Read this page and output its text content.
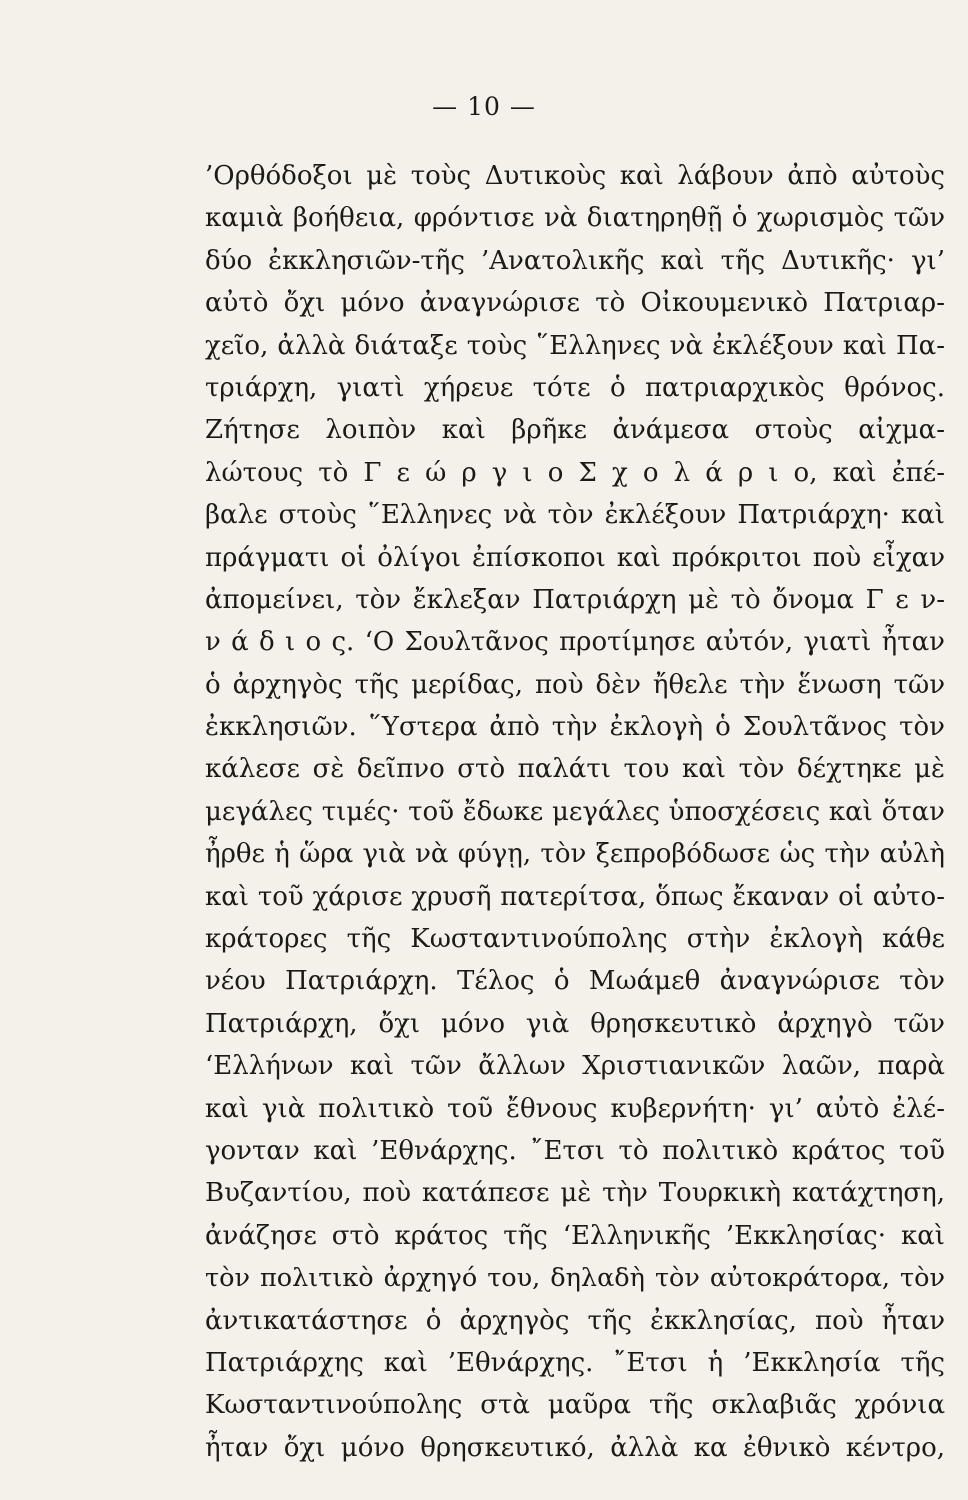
— 10 —
’Ορθόδοξοι μὲ τοὺς Δυτικοὺς καὶ λάβουν ἀπὸ αὐτοὺς
καμιὰ βοήθεια, φρόντισε νὰ διατηρηθῇ ὁ χωρισμὸς τῶν
δύο ἐκκλησιῶν-τῆς ’Ανατολικῆς καὶ τῆς Δυτικῆς· γι’
αὐτὸ ὄχι μόνο ἀναγνώρισε τὸ Οἰκουμενικὸ Πατριαρ-
χεῖο, ἀλλὰ διάταξε τοὺς ῞Ελληνες νὰ ἐκλέξουν καὶ Πα-
τριάρχη, γιατὶ χήρευε τότε ὁ πατριαρχικὸς θρόνος.
Ζήτησε λοιπὸν καὶ βρῆκε ἀνάμεσα στοὺς αἰχμα-
λώτους τὸ Γ ε ώ ρ γ ι ο Σ χ ο λ ά ρ ι ο, καὶ ἐπέ-
βαλε στοὺς ῞Ελληνες νὰ τὸν ἐκλέξουν Πατριάρχη· καὶ
πράγματι οἱ ὀλίγοι ἐπίσκοποι καὶ πρόκριτοι ποὺ εἶχαν
ἀπομείνει, τὸν ἔκλεξαν Πατριάρχη μὲ τὸ ὄνομα Γ ε ν-
ν ά δ ι ο ς. ‘Ο Σουλτᾶνος προτίμησε αὐτόν, γιατὶ ἦταν
ὁ ἀρχηγὸς τῆς μερίδας, ποὺ δὲν ἤθελε τὴν ἕνωση τῶν
ἐκκλησιῶν. ῞Υστερα ἀπὸ τὴν ἐκλογὴ ὁ Σουλτᾶνος τὸν
κάλεσε σὲ δεῖπνο στὸ παλάτι του καὶ τὸν δέχτηκε μὲ
μεγάλες τιμές· τοῦ ἔδωκε μεγάλες ὑποσχέσεις καὶ ὅταν
ἦρθε ἡ ὥρα γιὰ νὰ φύγῃ, τὸν ξεπροβόδωσε ὡς τὴν αὐλὴ
καὶ τοῦ χάρισε χρυσῆ πατερίτσα, ὅπως ἔκαναν οἱ αὐτο-
κράτορες τῆς Κωσταντινούπολης στὴν ἐκλογὴ κάθε
νέου Πατριάρχη. Τέλος ὁ Μωάμεθ ἀναγνώρισε τὸν
Πατριάρχη, ὄχι μόνο γιὰ θρησκευτικὸ ἀρχηγὸ τῶν
‘Ελλήνων καὶ τῶν ἄλλων Χριστιανικῶν λαῶν, παρὰ
καὶ γιὰ πολιτικὸ τοῦ ἔθνους κυβερνήτη· γι’ αὐτὸ ἐλέ-
γονταν καὶ ’Εθνάρχης. ῎Ετσι τὸ πολιτικὸ κράτος τοῦ
Βυζαντίου, ποὺ κατάπεσε μὲ τὴν Τουρκικὴ κατάχτηση,
ἀνάζησε στὸ κράτος τῆς ‘Ελληνικῆς ’Εκκλησίας· καὶ
τὸν πολιτικὸ ἀρχηγό του, δηλαδὴ τὸν αὐτοκράτορα, τὸν
ἀντικατάστησε ὁ ἀρχηγὸς τῆς ἐκκλησίας, ποὺ ἦταν
Πατριάρχης καὶ ’Εθνάρχης. ῎Ετσι ἡ ’Εκκλησία τῆς
Κωσταντινούπολης στὰ μαῦρα τῆς σκλαβιᾶς χρόνια
ἦταν ὄχι μόνο θρησκευτικό, ἀλλὰ κα ἐθνικὸ κέντρο,
